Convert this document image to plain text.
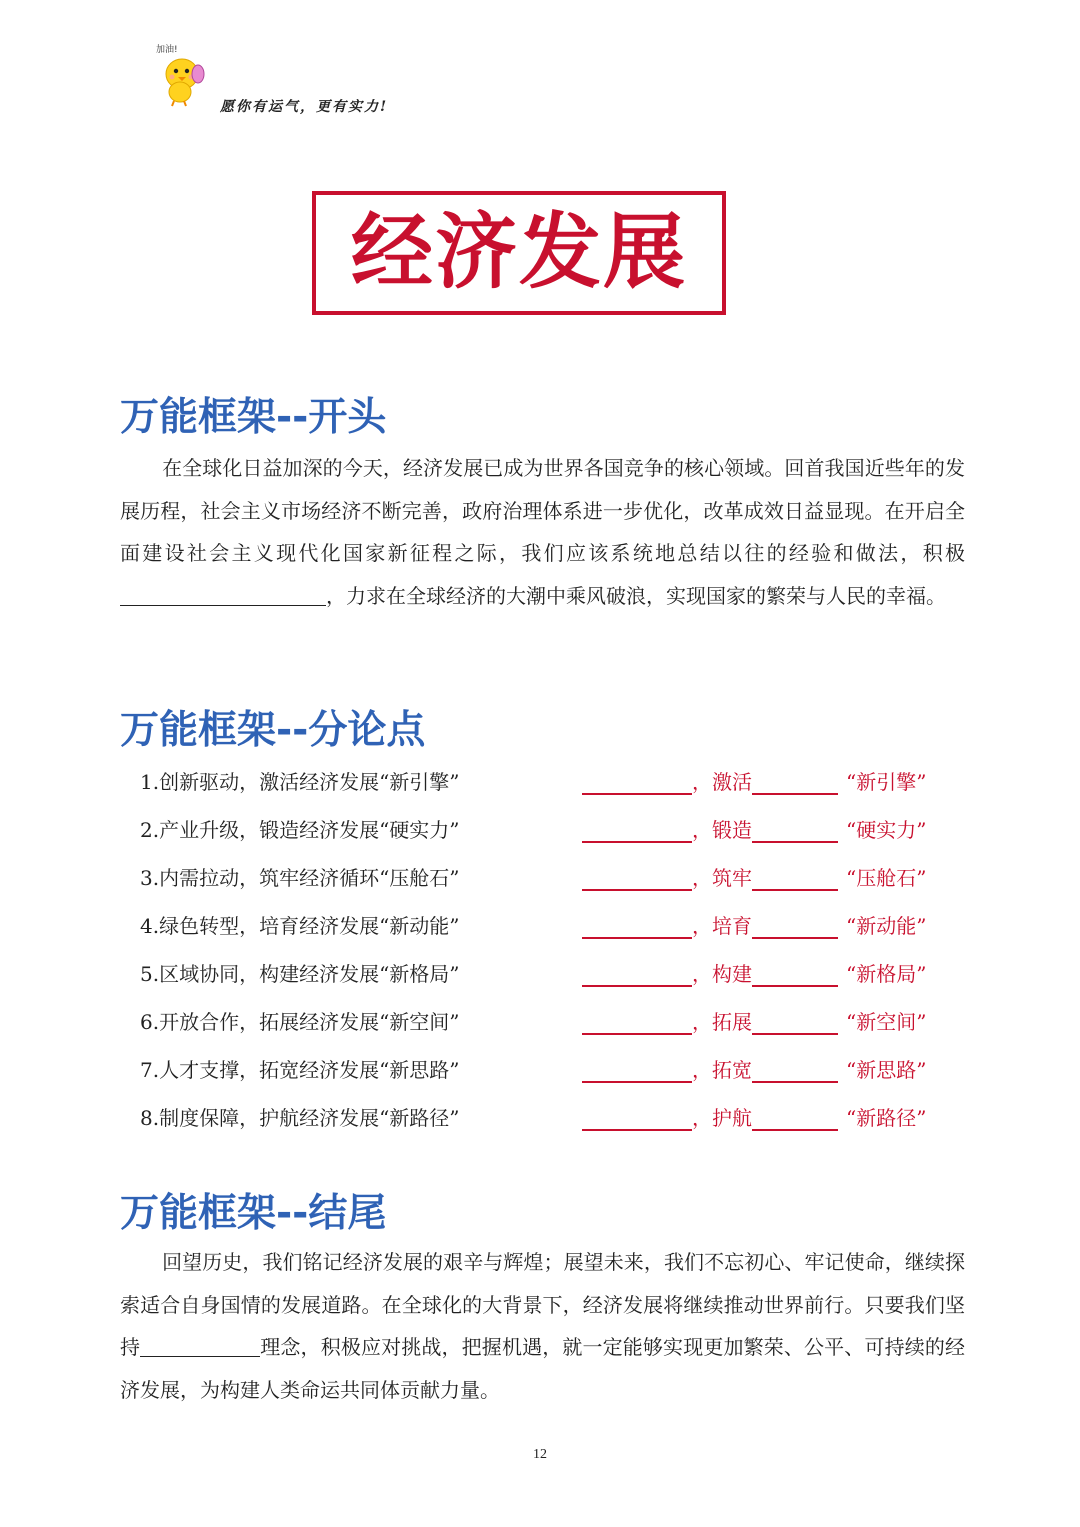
加油!
愿你有运气，更有实力!
经济发展
万能框架--开头
在全球化日益加深的今天，经济发展已成为世界各国竞争的核心领域。回首我国近些年的发展历程，社会主义市场经济不断完善，政府治理体系进一步优化，改革成效日益显现。在开启全面建设社会主义现代化国家新征程之际，我们应该系统地总结以往的经验和做法，积极，力求在全球经济的大潮中乘风破浪，实现国家的繁荣与人民的幸福。
万能框架--分论点
1.创新驱动，激活经济发展“新引擎”	，激活	“新引擎”
2.产业升级，锻造经济发展“硬实力”	，锻造	“硬实力”
3.内需拉动，筑牢经济循环“压舱石”	，筑牢	“压舱石”
4.绿色转型，培育经济发展“新动能”	，培育	“新动能”
5.区域协同，构建经济发展“新格局”	，构建	“新格局”
6.开放合作，拓展经济发展“新空间”	，拓展	“新空间”
7.人才支撑，拓宽经济发展“新思路”	，拓宽	“新思路”
8.制度保障，护航经济发展“新路径”	，护航	“新路径”
万能框架--结尾
回望历史，我们铭记经济发展的艰辛与辉煌；展望未来，我们不忘初心、牢记使命，继续探索适合自身国情的发展道路。在全球化的大背景下，经济发展将继续推动世界前行。只要我们坚持	理念，积极应对挑战，把握机遇，就一定能够实现更加繁荣、公平、可持续的经济发展，为构建人类命运共同体贡献力量。
12
